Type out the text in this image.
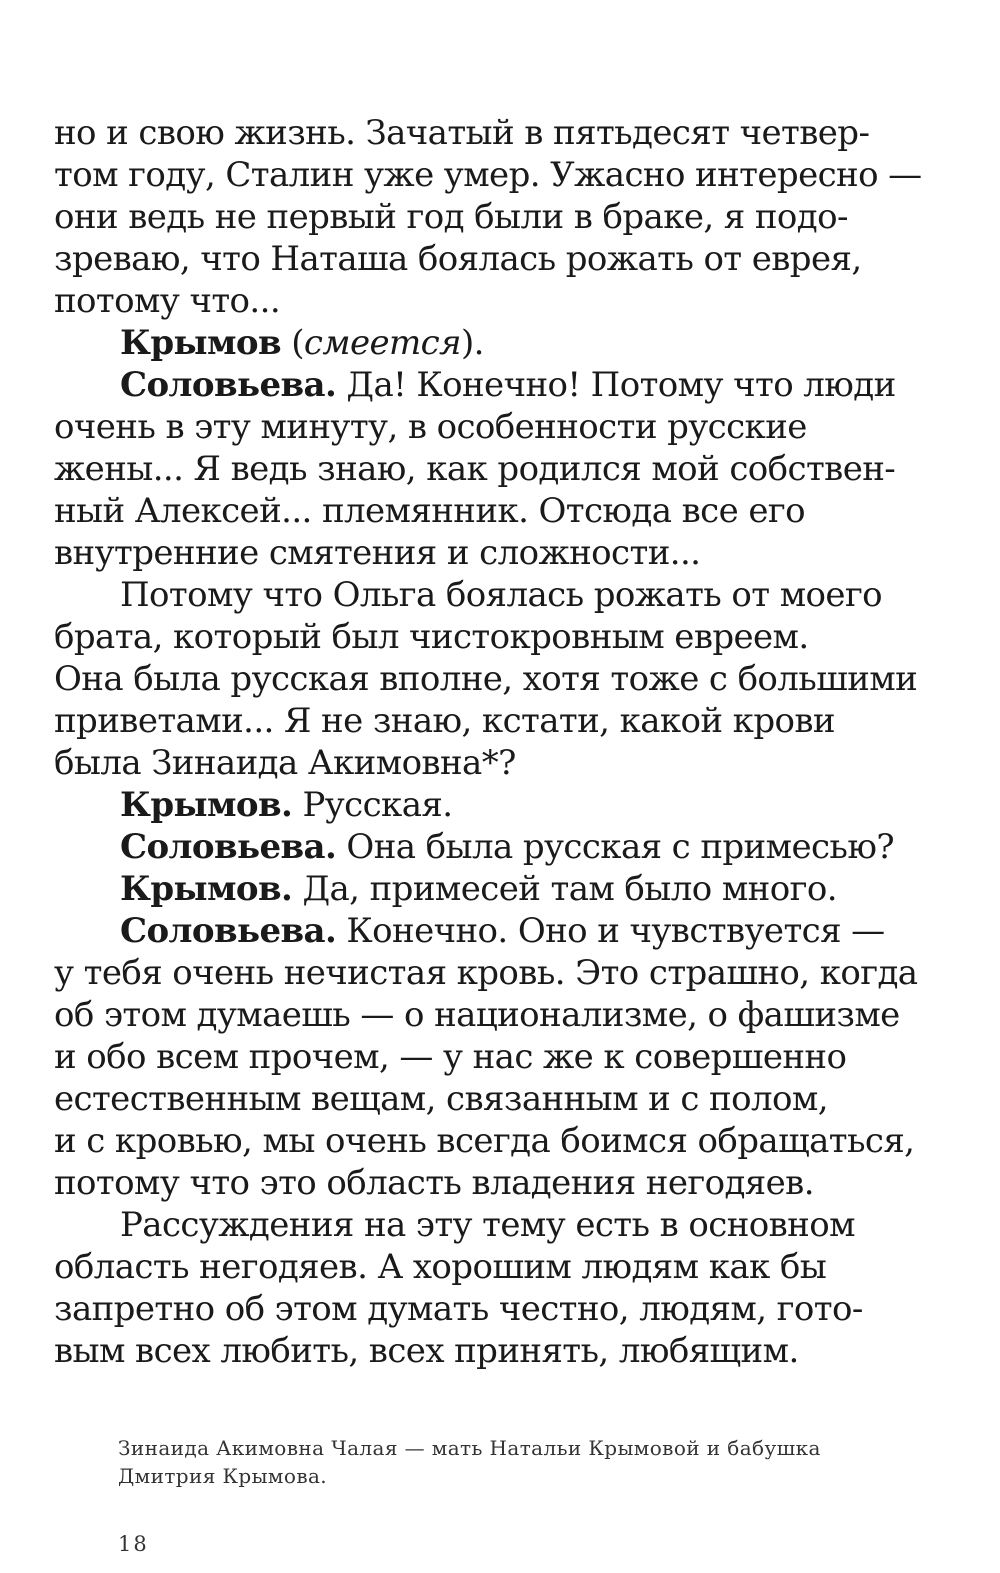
но и свою жизнь. Зачатый в пятьдесят четвер-
том году, Сталин уже умер. Ужасно интересно —
они ведь не первый год были в браке, я подо-
зреваю, что Наташа боялась рожать от еврея,
потому что...
Крымов (смеется).
Соловьева. Да! Конечно! Потому что люди
очень в эту минуту, в особенности русские
жены... Я ведь знаю, как родился мой собствен-
ный Алексей... племянник. Отсюда все его
внутренние смятения и сложности...
Потому что Ольга боялась рожать от моего
брата, который был чистокровным евреем.
Она была русская вполне, хотя тоже с большими
приветами... Я не знаю, кстати, какой крови
была Зинаида Акимовна*?
Крымов. Русская.
Соловьева. Она была русская с примесью?
Крымов. Да, примесей там было много.
Соловьева. Конечно. Оно и чувствуется —
у тебя очень нечистая кровь. Это страшно, когда
об этом думаешь — о национализме, о фашизме
и обо всем прочем, — у нас же к совершенно
естественным вещам, связанным и с полом,
и с кровью, мы очень всегда боимся обращаться,
потому что это область владения негодяев.
Рассуждения на эту тему есть в основном
область негодяев. А хорошим людям как бы
запретно об этом думать честно, людям, гото-
вым всех любить, всех принять, любящим.
Зинаида Акимовна Чалая — мать Натальи Крымовой и бабушка
Дмитрия Крымова.
18
